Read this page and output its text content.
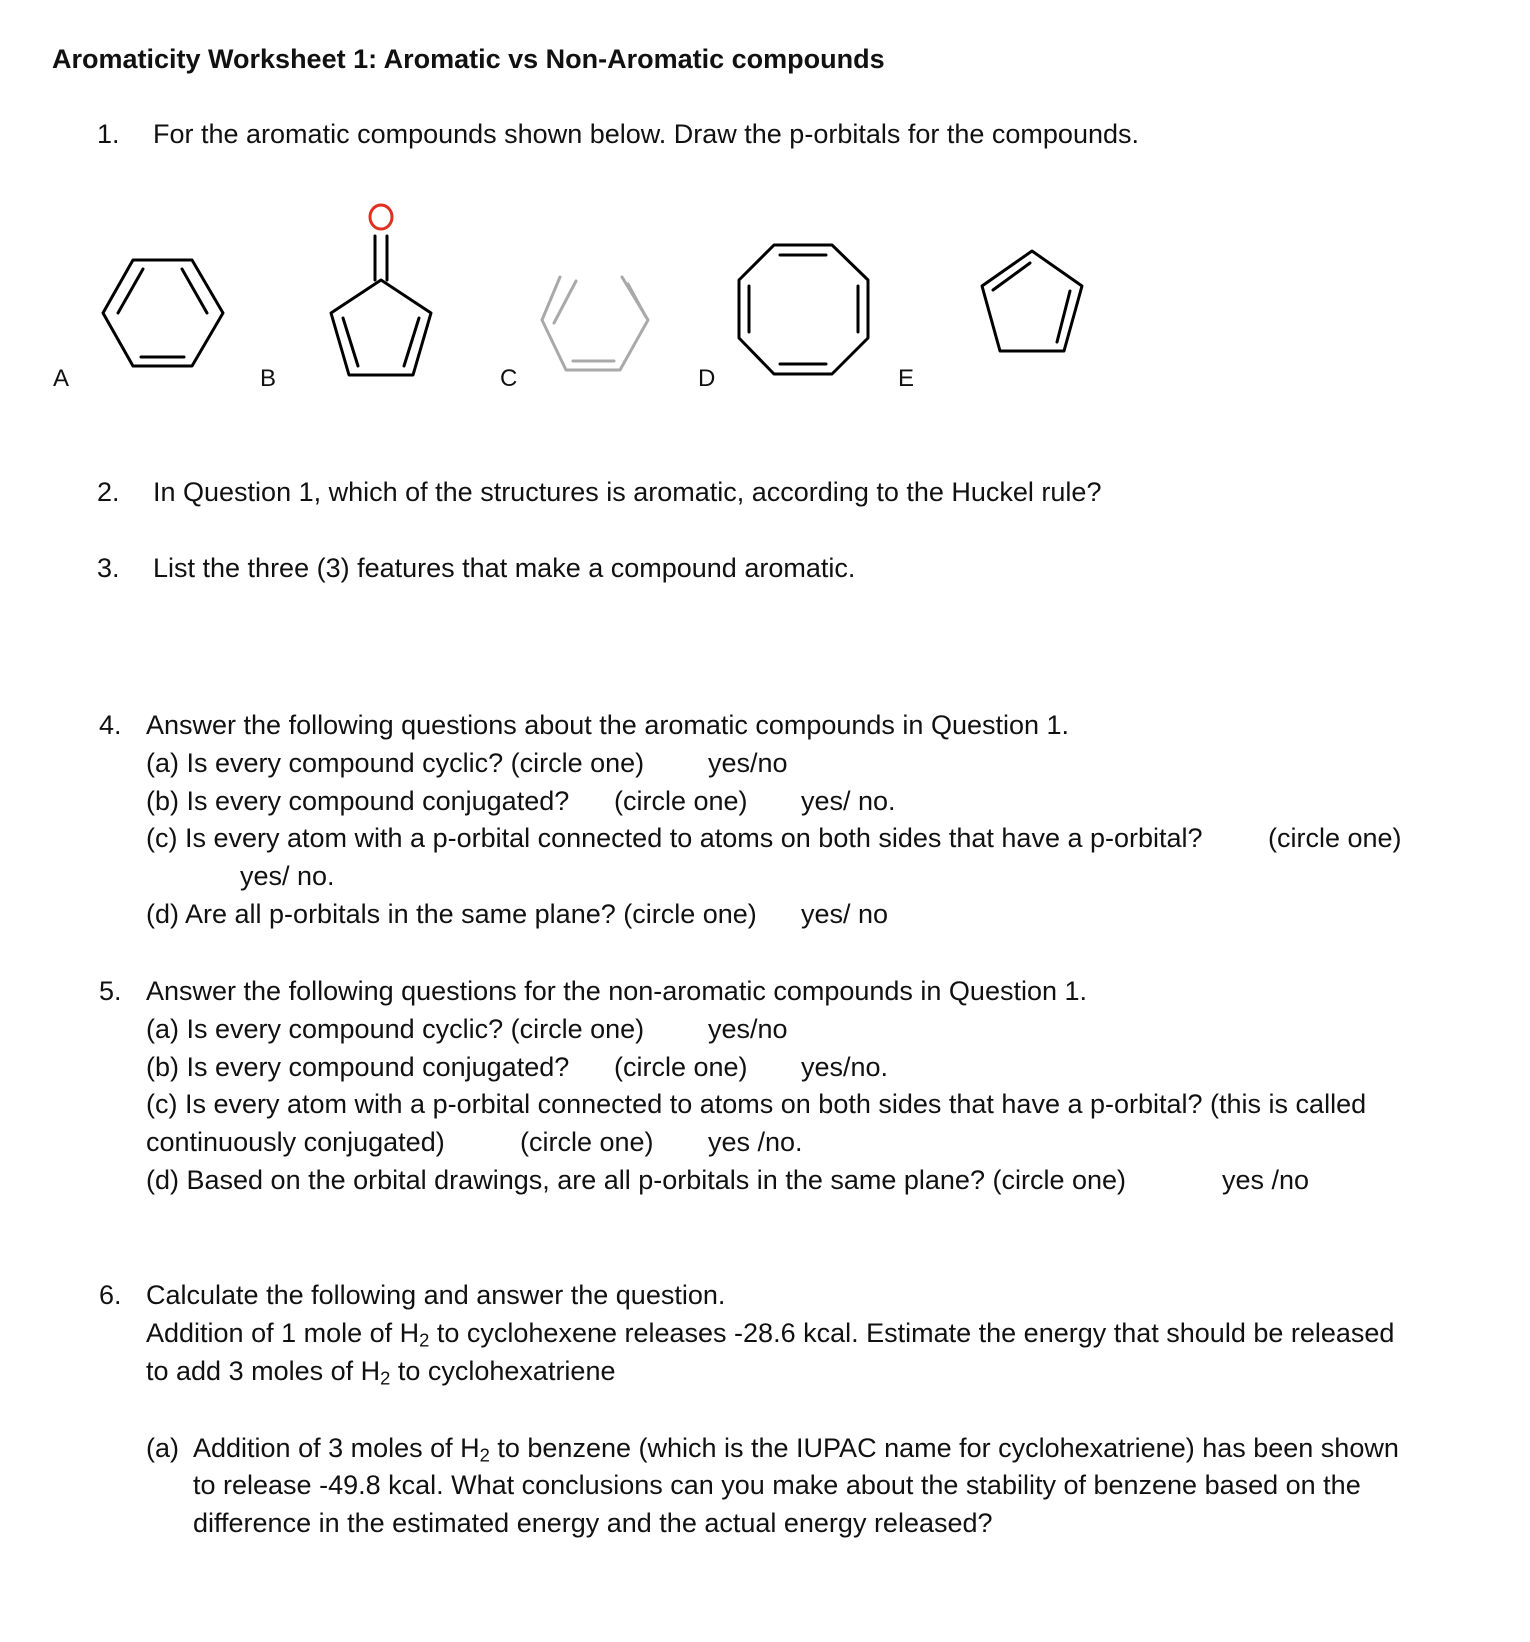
Aromaticity Worksheet 1: Aromatic vs Non-Aromatic compounds
1. For the aromatic compounds shown below. Draw the p-orbitals for the compounds.
A	B	C	D	E
2. In Question 1, which of the structures is aromatic, according to the Huckel rule?
3. List the three (3) features that make a compound aromatic.
4. Answer the following questions about the aromatic compounds in Question 1.
(a) Is every compound cyclic? (circle one) yes/no
(b) Is every compound conjugated? (circle one) yes/ no.
(c) Is every atom with a p-orbital connected to atoms on both sides that have a p-orbital? (circle one)
yes/ no.
(d) Are all p-orbitals in the same plane? (circle one) yes/ no
5. Answer the following questions for the non-aromatic compounds in Question 1.
(a) Is every compound cyclic? (circle one) yes/no
(b) Is every compound conjugated? (circle one) yes/no.
(c) Is every atom with a p-orbital connected to atoms on both sides that have a p-orbital? (this is called
continuously conjugated)	(circle one) yes /no.
(d) Based on the orbital drawings, are all p-orbitals in the same plane? (circle one)	yes /no
6. Calculate the following and answer the question.
Addition of 1 mole of $H_2$ to cyclohexene releases -28.6 kcal. Estimate the energy that should be released
to add 3 moles of $H_2$ to cyclohexatriene
(a) Addition of 3 moles of $H_2$ to benzene (which is the IUPAC name for cyclohexatriene) has been shown
to release -49.8 kcal. What conclusions can you make about the stability of benzene based on the
difference in the estimated energy and the actual energy released?
